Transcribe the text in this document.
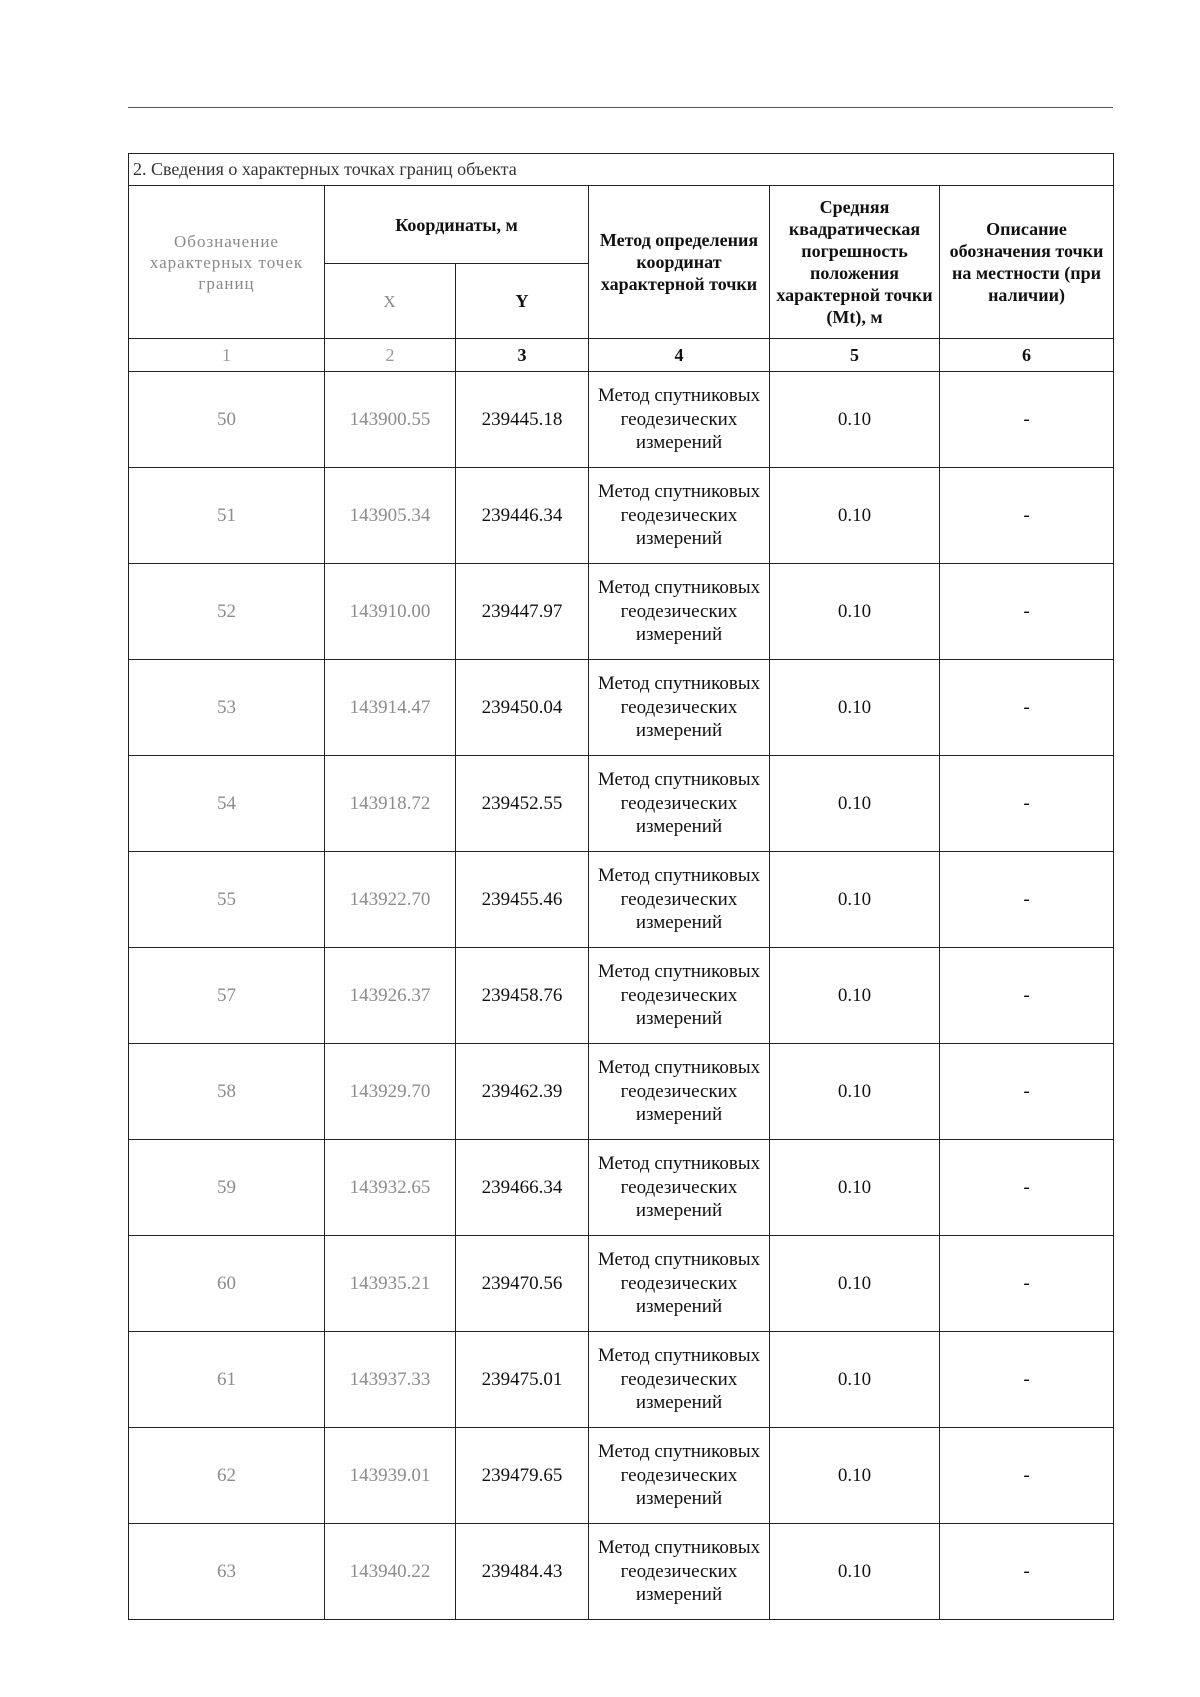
2. Сведения о характерных точках границ объекта					
Обозначение характерных точек границ	Координаты, м		Метод определения координат характерной точки	Средняя квадратическая погрешность положения характерной точки (Mt), м	Описание обозначения точки на местности (при наличии)
	X	Y			
1	2	3	4	5	6
50	143900.55	239445.18	Метод спутниковых геодезических измерений	0.10	-
51	143905.34	239446.34	Метод спутниковых геодезических измерений	0.10	-
52	143910.00	239447.97	Метод спутниковых геодезических измерений	0.10	-
53	143914.47	239450.04	Метод спутниковых геодезических измерений	0.10	-
54	143918.72	239452.55	Метод спутниковых геодезических измерений	0.10	-
55	143922.70	239455.46	Метод спутниковых геодезических измерений	0.10	-
57	143926.37	239458.76	Метод спутниковых геодезических измерений	0.10	-
58	143929.70	239462.39	Метод спутниковых геодезических измерений	0.10	-
59	143932.65	239466.34	Метод спутниковых геодезических измерений	0.10	-
60	143935.21	239470.56	Метод спутниковых геодезических измерений	0.10	-
61	143937.33	239475.01	Метод спутниковых геодезических измерений	0.10	-
62	143939.01	239479.65	Метод спутниковых геодезических измерений	0.10	-
63	143940.22	239484.43	Метод спутниковых геодезических измерений	0.10	-
